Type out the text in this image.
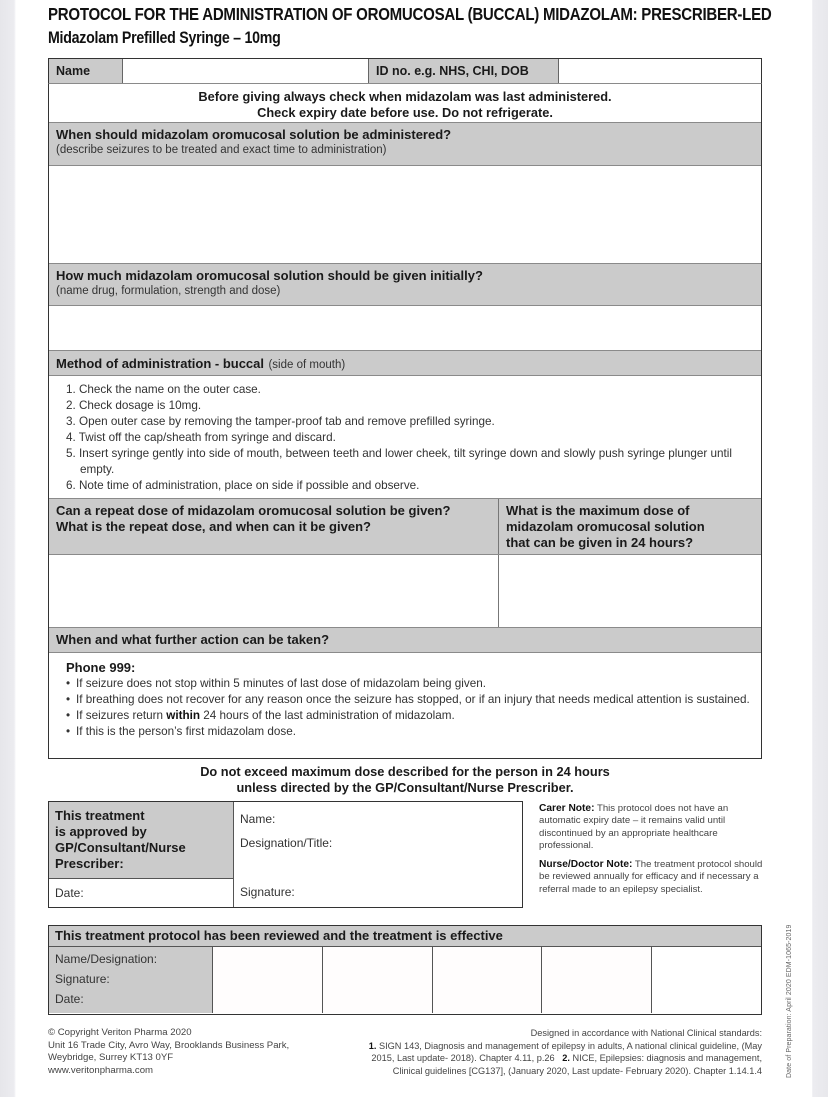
PROTOCOL FOR THE ADMINISTRATION OF OROMUCOSAL (BUCCAL) MIDAZOLAM: PRESCRIBER-LED
Midazolam Prefilled Syringe – 10mg
Name	ID no. e.g. NHS, CHI, DOB
Before giving always check when midazolam was last administered.
Check expiry date before use. Do not refrigerate.
When should midazolam oromucosal solution be administered?
(describe seizures to be treated and exact time to administration)
How much midazolam oromucosal solution should be given initially?
(name drug, formulation, strength and dose)
Method of administration - buccal (side of mouth)
1. Check the name on the outer case.
2. Check dosage is 10mg.
3. Open outer case by removing the tamper-proof tab and remove prefilled syringe.
4. Twist off the cap/sheath from syringe and discard.
5. Insert syringe gently into side of mouth, between teeth and lower cheek, tilt syringe down and slowly push syringe plunger until empty.
6. Note time of administration, place on side if possible and observe.
Can a repeat dose of midazolam oromucosal solution be given?
What is the repeat dose, and when can it be given?
What is the maximum dose of
midazolam oromucosal solution
that can be given in 24 hours?
When and what further action can be taken?
Phone 999:
• If seizure does not stop within 5 minutes of last dose of midazolam being given.
• If breathing does not recover for any reason once the seizure has stopped, or if an injury that needs medical attention is sustained.
• If seizures return within 24 hours of the last administration of midazolam.
• If this is the person’s first midazolam dose.
Do not exceed maximum dose described for the person in 24 hours
unless directed by the GP/Consultant/Nurse Prescriber.
This treatment
is approved by
GP/Consultant/Nurse
Prescriber:
Name:
Designation/Title:
Signature:
Date:

Carer Note: This protocol does not have an automatic expiry date – it remains valid until discontinued by an appropriate healthcare professional.

Nurse/Doctor Note: The treatment protocol should be reviewed annually for efficacy and if necessary a referral made to an epilepsy specialist.

This treatment protocol has been reviewed and the treatment is effective
Name/Designation:
Signature:
Date:
© Copyright Veriton Pharma 2020
Unit 16 Trade City, Avro Way, Brooklands Business Park,
Weybridge, Surrey KT13 0YF
www.veritonpharma.com
Designed in accordance with National Clinical standards:
1. SIGN 143, Diagnosis and management of epilepsy in adults, A national clinical guideline, (May 2015, Last update- 2018). Chapter 4.11, p.26 2. NICE, Epilepsies: diagnosis and management, Clinical guidelines [CG137], (January 2020, Last update- February 2020). Chapter 1.14.1.4	Date of Preparation: April 2020 EDM-1065-2019
